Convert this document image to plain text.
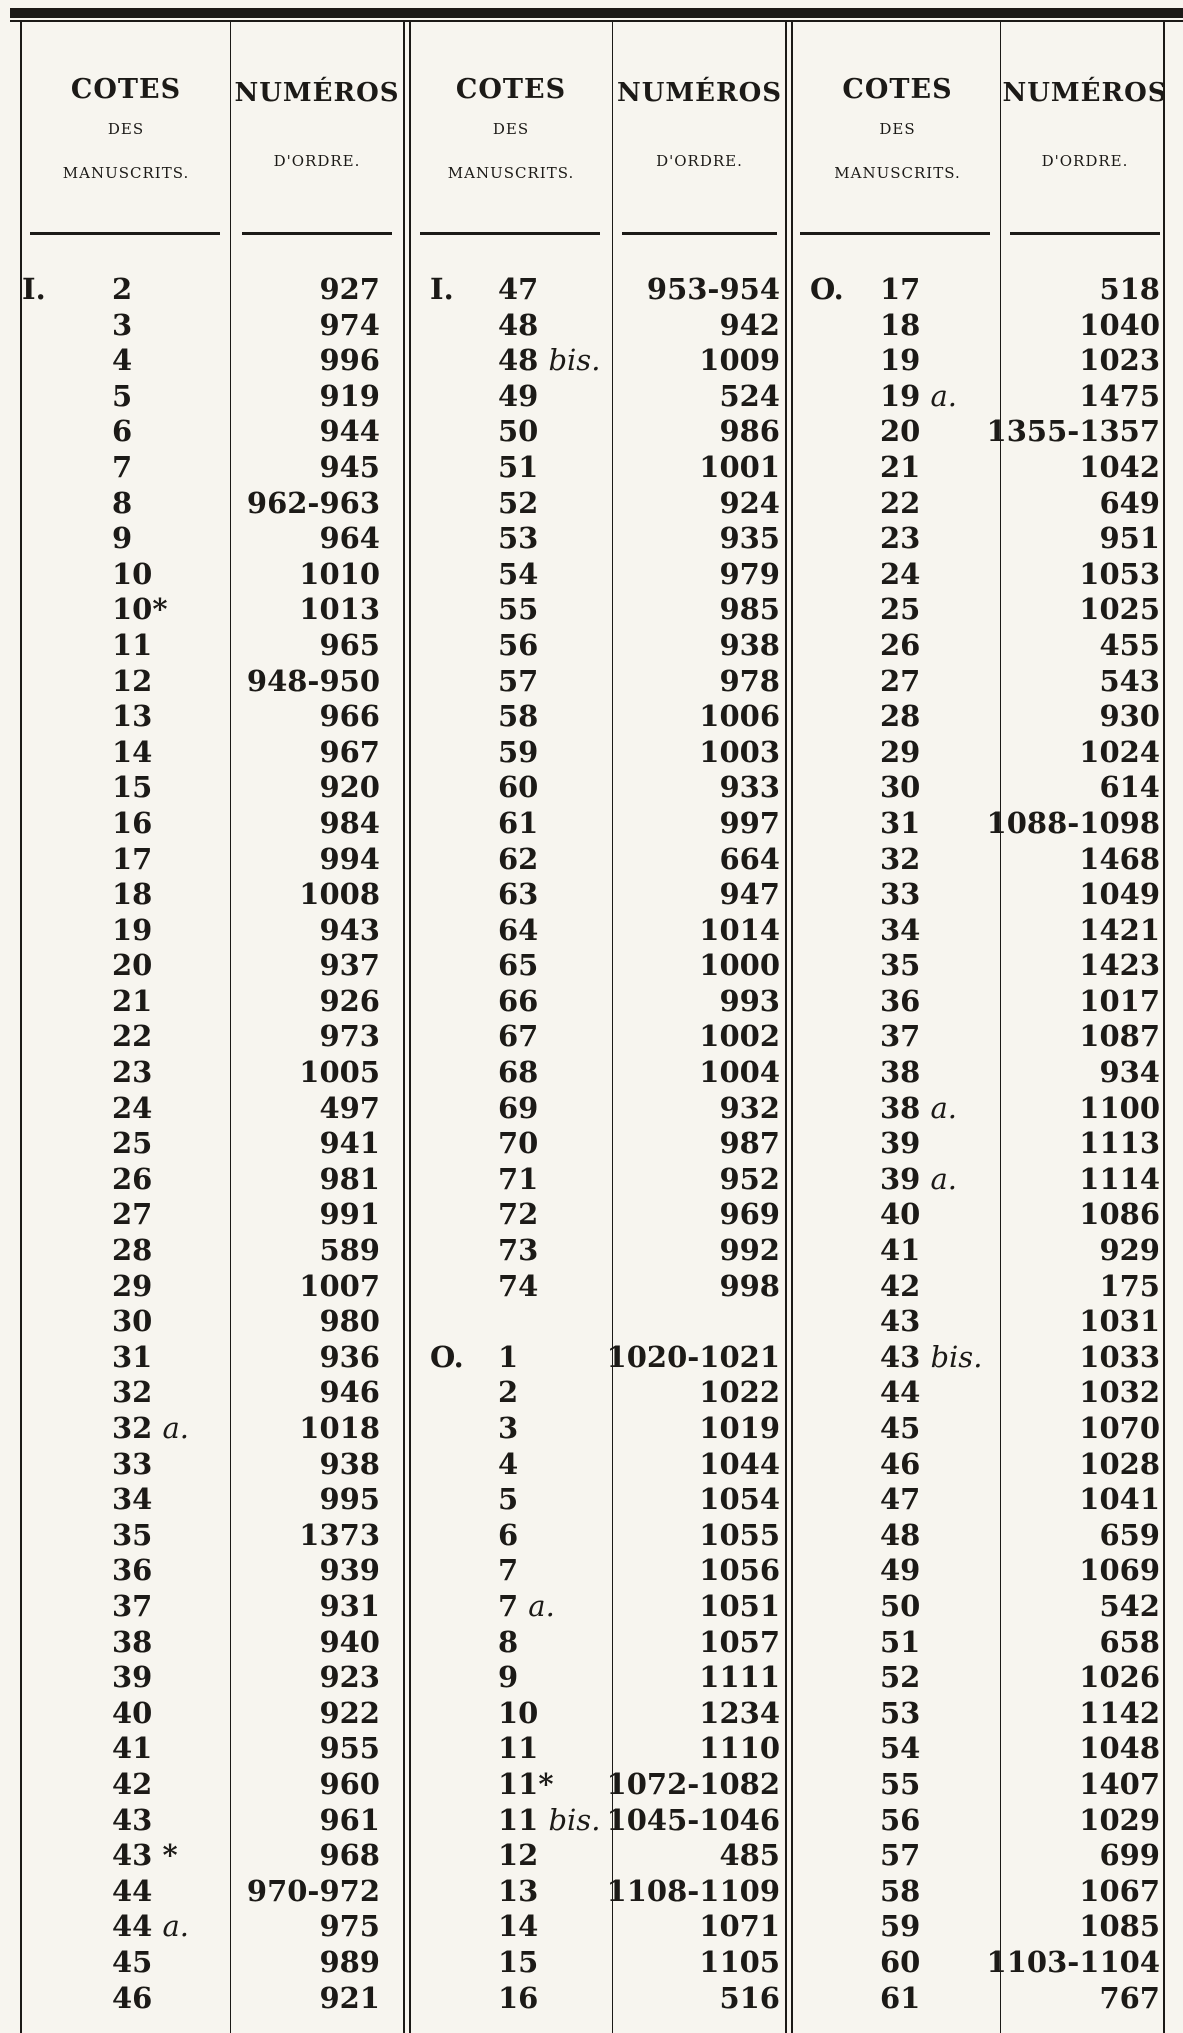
COTES
DES
MANUSCRITS.
NUMÉROS
D'ORDRE.
I. 2	927
3	974
4	996
5	919
6	944
7	945
8	962-963
9	964
10	1010
10*	1013
11	965
12	948-950
13	966
14	967
15	920
16	984
17	994
18	1008
19	943
20	937
21	926
22	973
23	1005
24	497
25	941
26	981
27	991
28	589
29	1007
30	980
31	936
32	946
32 a.	1018
33	938
34	995
35	1373
36	939
37	931
38	940
39	923
40	922
41	955
42	960
43	961
43 *	968
44	970-972
44 a.	975
45	989
46	921
COTES
DES
MANUSCRITS.
NUMÉROS
D'ORDRE.
I. 47	953-954
48	942
48 bis.	1009
49	524
50	986
51	1001
52	924
53	935
54	979
55	985
56	938
57	978
58	1006
59	1003
60	933
61	997
62	664
63	947
64	1014
65	1000
66	993
67	1002
68	1004
69	932
70	987
71	952
72	969
73	992
74	998
O. 1	1020-1021
2	1022
3	1019
4	1044
5	1054
6	1055
7	1056
7 a.	1051
8	1057
9	1111
10	1234
11	1110
11* 1072-1082
11 bis. 1045-1046
12	485
13 1108-1109
14	1071
15	1105
16	516
COTES
DES
MANUSCRITS.
NUMÉROS
D'ORDRE.
O. 17	518
18	1040
19	1023
19 a.	1475
20 1355-1357
21	1042
22	649
23	951
24	1053
25	1025
26	455
27	543
28	930
29	1024
30	614
31 1088-1098
32	1468
33	1049
34	1421
35	1423
36	1017
37	1087
38	934
38 a.	1100
39	1113
39 a.	1114
40	1086
41	929
42	175
43	1031
43 bis.	1033
44	1032
45	1070
46	1028
47	1041
48	659
49	1069
50	542
51	658
52	1026
53	1142
54	1048
55	1407
56	1029
57	699
58	1067
59	1085
60 1103-1104
61	767
